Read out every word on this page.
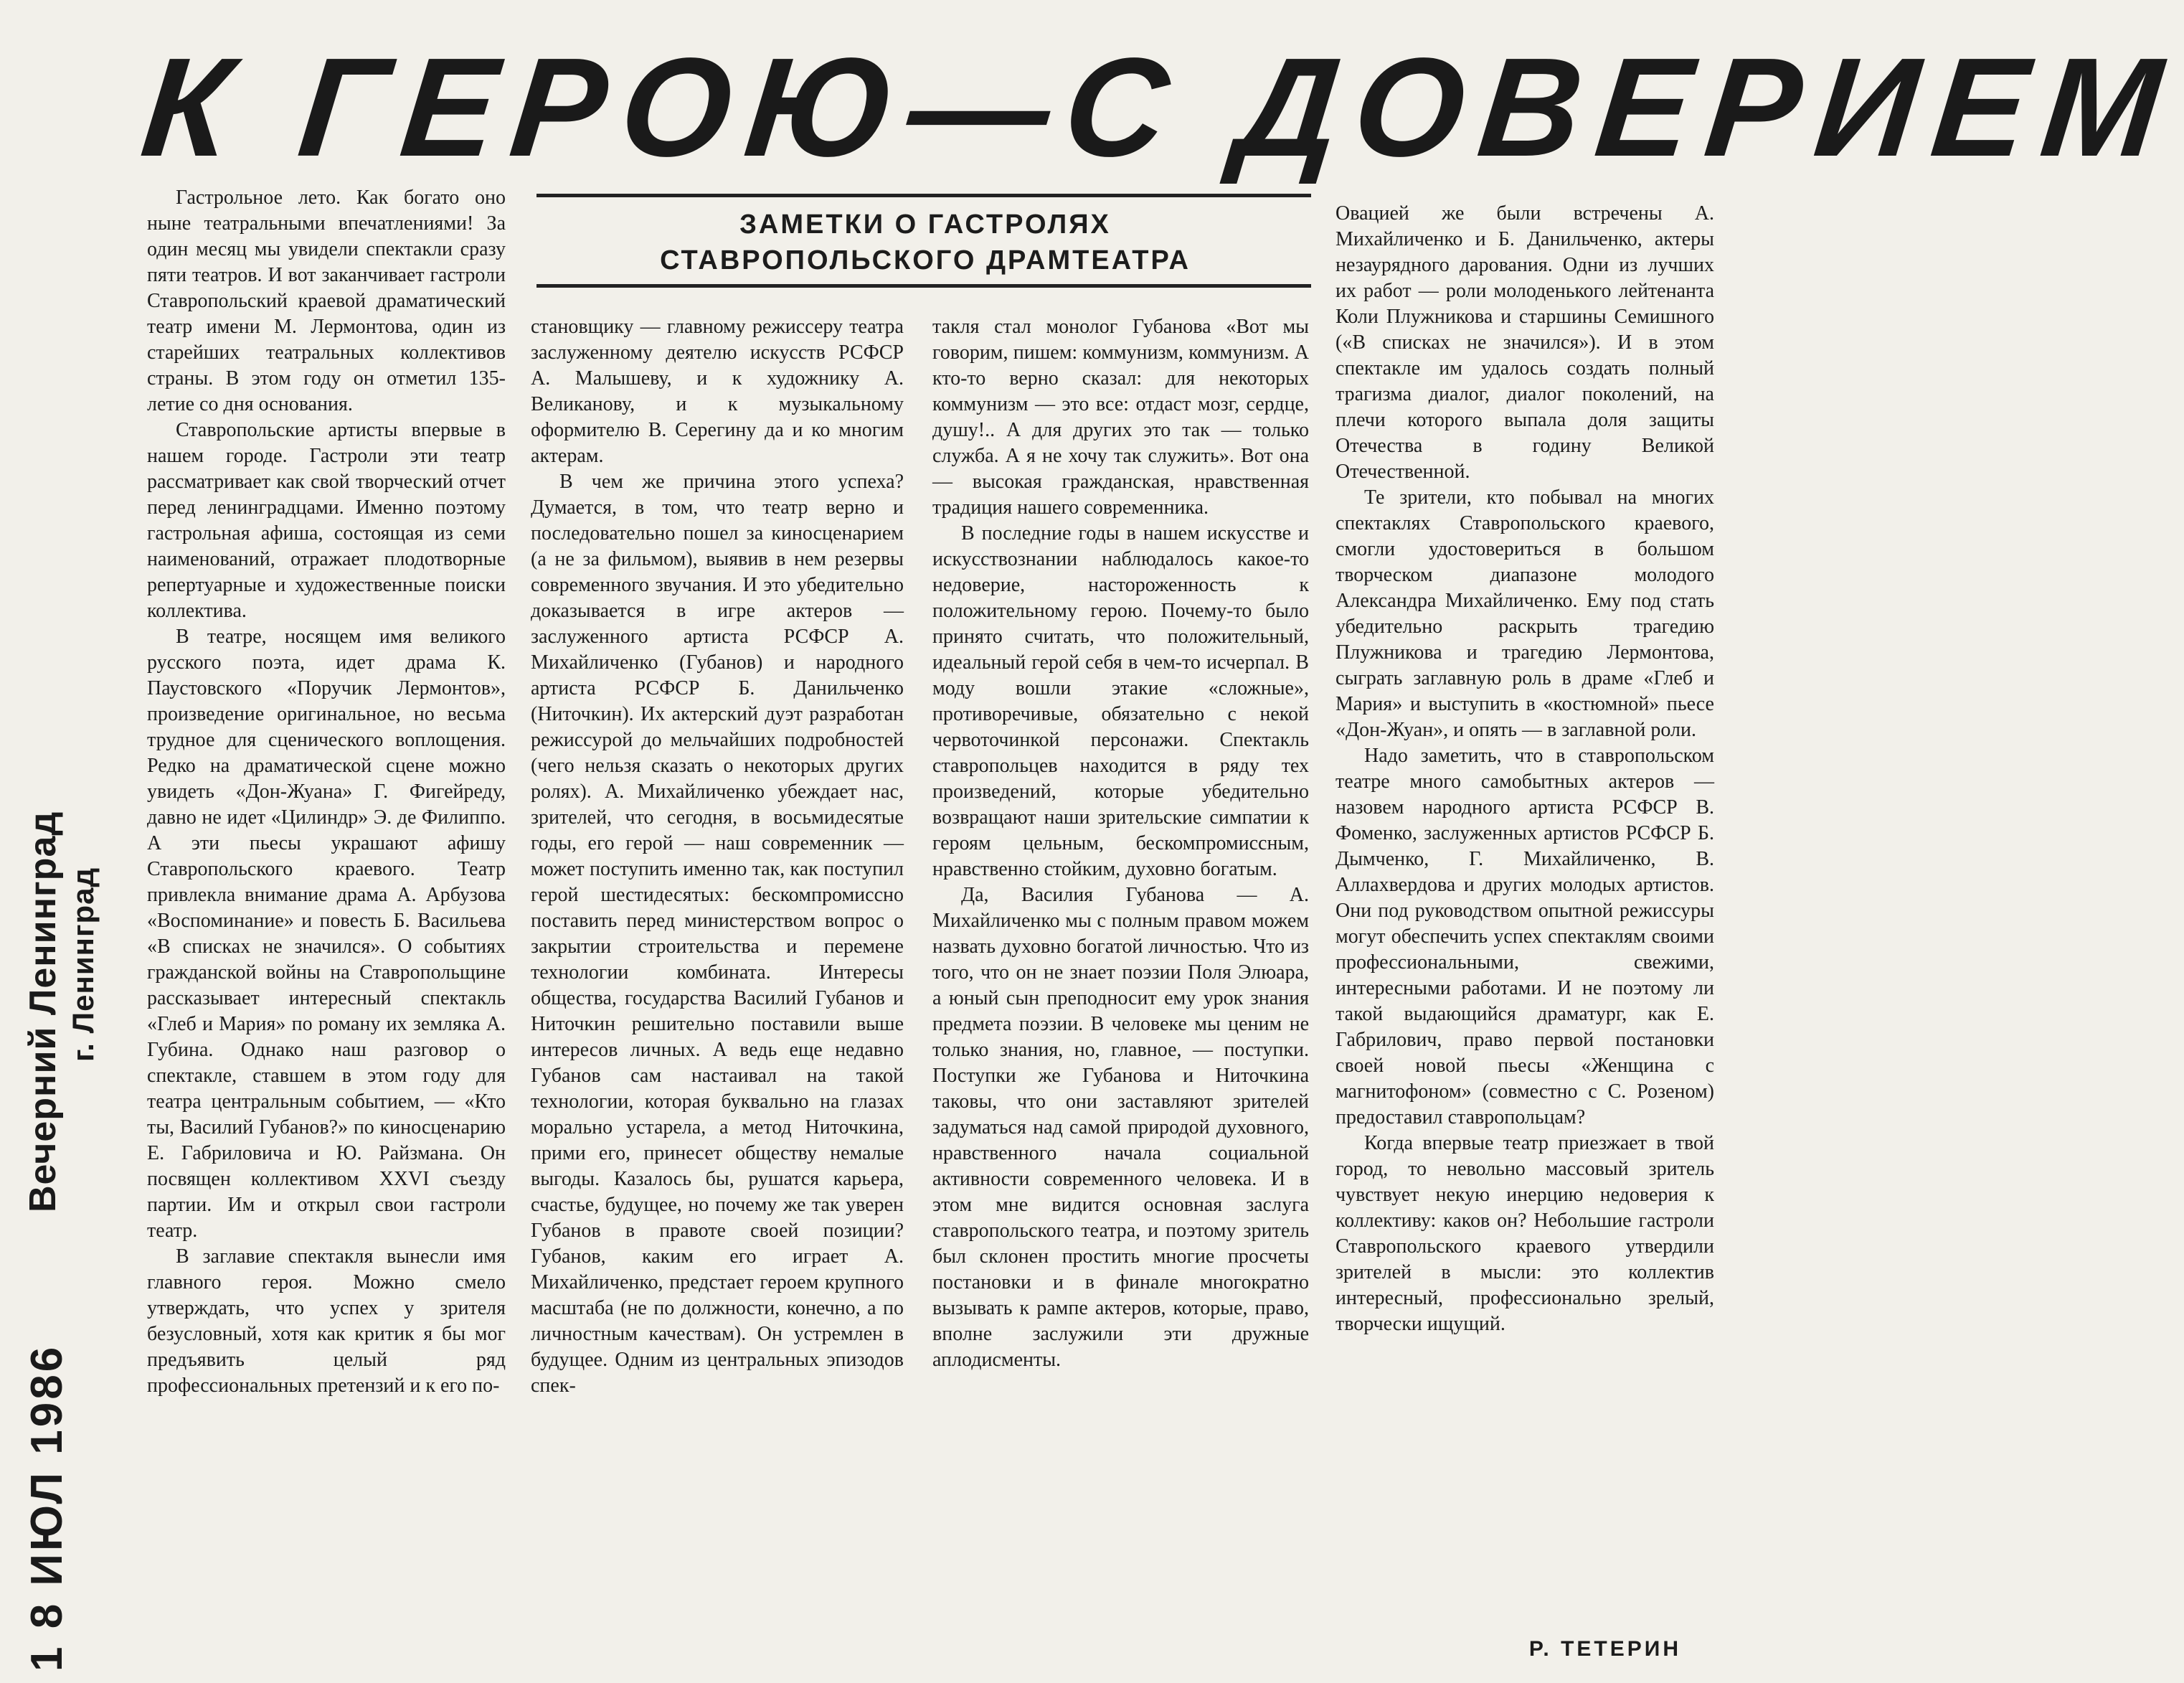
К ГЕРОЮ—С ДОВЕРИЕМ
ЗАМЕТКИ О ГАСТРОЛЯХ
СТАВРОПОЛЬСКОГО ДРАМТЕАТРА

Гастрольное лето. Как богато оно ныне театральными впечатлениями! За один месяц мы увидели спектакли сразу пяти театров. И вот заканчивает гастроли Ставропольский краевой драматический театр имени М. Лермонтова, один из старейших театральных коллективов страны. В этом году он отметил 135-летие со дня основания.

Ставропольские артисты впервые в нашем городе. Гастроли эти театр рассматривает как свой творческий отчет перед ленинградцами. Именно поэтому гастрольная афиша, состоящая из семи наименований, отражает плодотворные репертуарные и художественные поиски коллектива.

В театре, носящем имя великого русского поэта, идет драма К. Паустовского «Поручик Лермонтов», произведение оригинальное, но весьма трудное для сценического воплощения. Редко на драматической сцене можно увидеть «Дон-Жуана» Г. Фигейреду, давно не идет «Цилиндр» Э. де Филиппо. А эти пьесы украшают афишу Ставропольского краевого. Театр привлекла внимание драма А. Арбузова «Воспоминание» и повесть Б. Васильева «В списках не значился». О событиях гражданской войны на Ставропольщине рассказывает интересный спектакль «Глеб и Мария» по роману их земляка А. Губина. Однако наш разговор о спектакле, ставшем в этом году для театра центральным событием, — «Кто ты, Василий Губанов?» по киносценарию Е. Габриловича и Ю. Райзмана. Он посвящен коллективом XXVI съезду партии. Им и открыл свои гастроли театр.

В заглавие спектакля вынесли имя главного героя. Можно смело утверждать, что успех у зрителя безусловный, хотя как критик я бы мог предъявить целый ряд профессиональных претензий и к его по-

становщику — главному режиссеру театра заслуженному деятелю искусств РСФСР А. Малышеву, и к художнику А. Великанову, и к музыкальному оформителю В. Серегину да и ко многим актерам.

В чем же причина этого успеха? Думается, в том, что театр верно и последовательно пошел за киносценарием (а не за фильмом), выявив в нем резервы современного звучания. И это убедительно доказывается в игре актеров — заслуженного артиста РСФСР А. Михайличенко (Губанов) и народного артиста РСФСР Б. Данильченко (Ниточкин). Их актерский дуэт разработан режиссурой до мельчайших подробностей (чего нельзя сказать о некоторых других ролях). А. Михайличенко убеждает нас, зрителей, что сегодня, в восьмидесятые годы, его герой — наш современник — может поступить именно так, как поступил герой шестидесятых: бескомпромиссно поставить перед министерством вопрос о закрытии строительства и перемене технологии комбината. Интересы общества, государства Василий Губанов и Ниточкин решительно поставили выше интересов личных. А ведь еще недавно Губанов сам настаивал на такой технологии, которая буквально на глазах морально устарела, а метод Ниточкина, прими его, принесет обществу немалые выгоды. Казалось бы, рушатся карьера, счастье, будущее, но почему же так уверен Губанов в правоте своей позиции? Губанов, каким его играет А. Михайличенко, предстает героем крупного масштаба (не по должности, конечно, а по личностным качествам). Он устремлен в будущее. Одним из центральных эпизодов спек-

такля стал монолог Губанова «Вот мы говорим, пишем: коммунизм, коммунизм. А кто-то верно сказал: для некоторых коммунизм — это все: отдаст мозг, сердце, душу!.. А для других это так — только служба. А я не хочу так служить». Вот она — высокая гражданская, нравственная традиция нашего современника.

В последние годы в нашем искусстве и искусствознании наблюдалось какое-то недоверие, настороженность к положительному герою. Почему-то было принято считать, что положительный, идеальный герой себя в чем-то исчерпал. В моду вошли этакие «сложные», противоречивые, обязательно с некой червоточинкой персонажи. Спектакль ставропольцев находится в ряду тех произведений, которые убедительно возвращают наши зрительские симпатии к героям цельным, бескомпромиссным, нравственно стойким, духовно богатым.

Да, Василия Губанова — А. Михайличенко мы с полным правом можем назвать духовно богатой личностью. Что из того, что он не знает поэзии Поля Элюара, а юный сын преподносит ему урок знания предмета поэзии. В человеке мы ценим не только знания, но, главное, — поступки. Поступки же Губанова и Ниточкина таковы, что они заставляют зрителей задуматься над самой природой духовного, нравственного начала социальной активности современного человека. И в этом мне видится основная заслуга ставропольского театра, и поэтому зритель был склонен простить многие просчеты постановки и в финале многократно вызывать к рампе актеров, которые, право, вполне заслужили эти дружные аплодисменты.

Овацией же были встречены А. Михайличенко и Б. Данильченко, актеры незаурядного дарования. Одни из лучших их работ — роли молоденького лейтенанта Коли Плужникова и старшины Семишного («В списках не значился»). И в этом спектакле им удалось создать полный трагизма диалог, диалог поколений, на плечи которого выпала доля защиты Отечества в годину Великой Отечественной.

Те зрители, кто побывал на многих спектаклях Ставропольского краевого, смогли удостовериться в большом творческом диапазоне молодого Александра Михайличенко. Ему под стать убедительно раскрыть трагедию Плужникова и трагедию Лермонтова, сыграть заглавную роль в драме «Глеб и Мария» и выступить в «костюмной» пьесе «Дон-Жуан», и опять — в заглавной роли.

Надо заметить, что в ставропольском театре много самобытных актеров — назовем народного артиста РСФСР В. Фоменко, заслуженных артистов РСФСР Б. Дымченко, Г. Михайличенко, В. Аллахвердова и других молодых артистов. Они под руководством опытной режиссуры могут обеспечить успех спектаклям своими профессиональными, свежими, интересными работами. И не поэтому ли такой выдающийся драматург, как Е. Габрилович, право первой постановки своей новой пьесы «Женщина с магнитофоном» (совместно с С. Розеном) предоставил ставропольцам?

Когда впервые театр приезжает в твой город, то невольно массовый зритель чувствует некую инерцию недоверия к коллективу: каков он? Небольшие гастроли Ставропольского краевого утвердили зрителей в мысли: это коллектив интересный, профессионально зрелый, творчески ищущий.

Р. ТЕТЕРИН
1 8 ИЮЛ 1986
Вечерний Ленинград г. Ленинград
